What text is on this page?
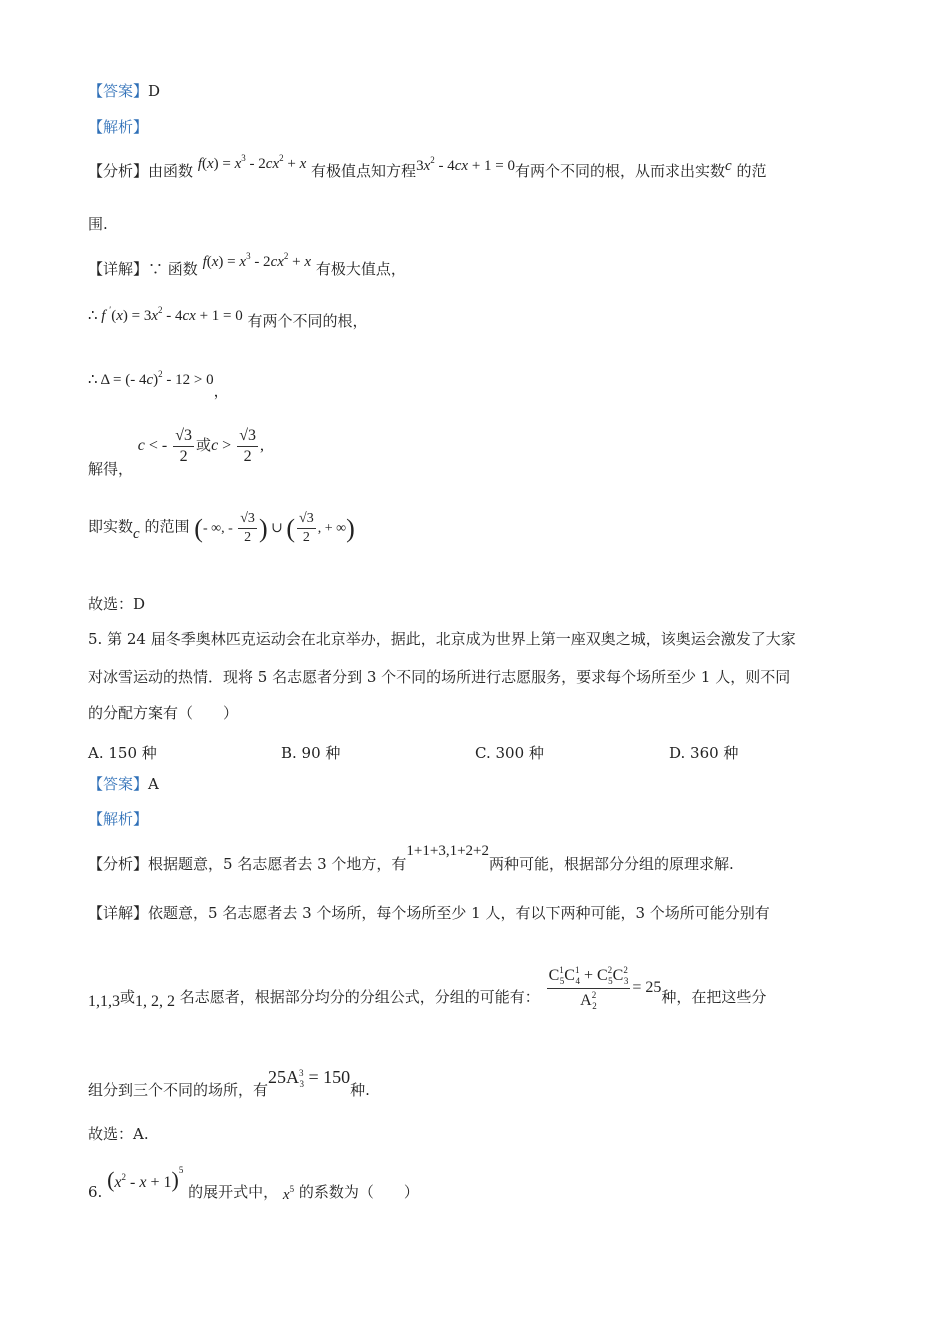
【答案】D
【解析】
【分析】由函数 $f(x) = x^3 - 2cx^2 + x$ 有极值点知方程$3x^2 - 4cx + 1 = 0$有两个不同的根，从而求出实数c 的范
围.
【详解】∵ 函数 $f(x) = x^3 - 2cx^2 + x$ 有极大值点，
∴ f $'(x) = 3x^2 - 4cx + 1 = 0$ 有两个不同的根，
∴ Δ = (- 4c)$^2$ - 12 > 0，
解得， c < - $\frac{√3}{2}$ 或$c > \frac{√3}{2}$ ,
即实数c 的范围 (- ∞, - $\frac{√3}{2}$ ) ∪ ( $\frac{√3}{2}$ , + ∞)
故选：D
5. 第 24 届冬季奥林匹克运动会在北京举办，据此，北京成为世界上第一座双奥之城，该奥运会激发了大家
对冰雪运动的热情．现将 5 名志愿者分到 3 个不同的场所进行志愿服务，要求每个场所至少 1 人，则不同
的分配方案有（　　）
A. 150 种	B. 90 种	C. 300 种	D. 360 种
【答案】A
【解析】
【分析】根据题意，5 名志愿者去 3 个地方，有1+1+3,1+2+2两种可能，根据部分分组的原理求解.
【详解】依题意，5 名志愿者去 3 个场所，每个场所至少 1 人，有以下两种可能，3 个场所可能分别有
1,1,3或1, 2, 2 名志愿者，根据部分均分的分组公式，分组的可能有： $\frac{C^1_5C^1_4 + C^2_5C^2_3}{A^2_2} = 25$种，在把这些分
组分到三个不同的场所，有$25A^3_3 = 150$种.
故选：A.
6. $(x^2 - x + 1)^5$ 的展开式中， $x^5$ 的系数为（　　）
